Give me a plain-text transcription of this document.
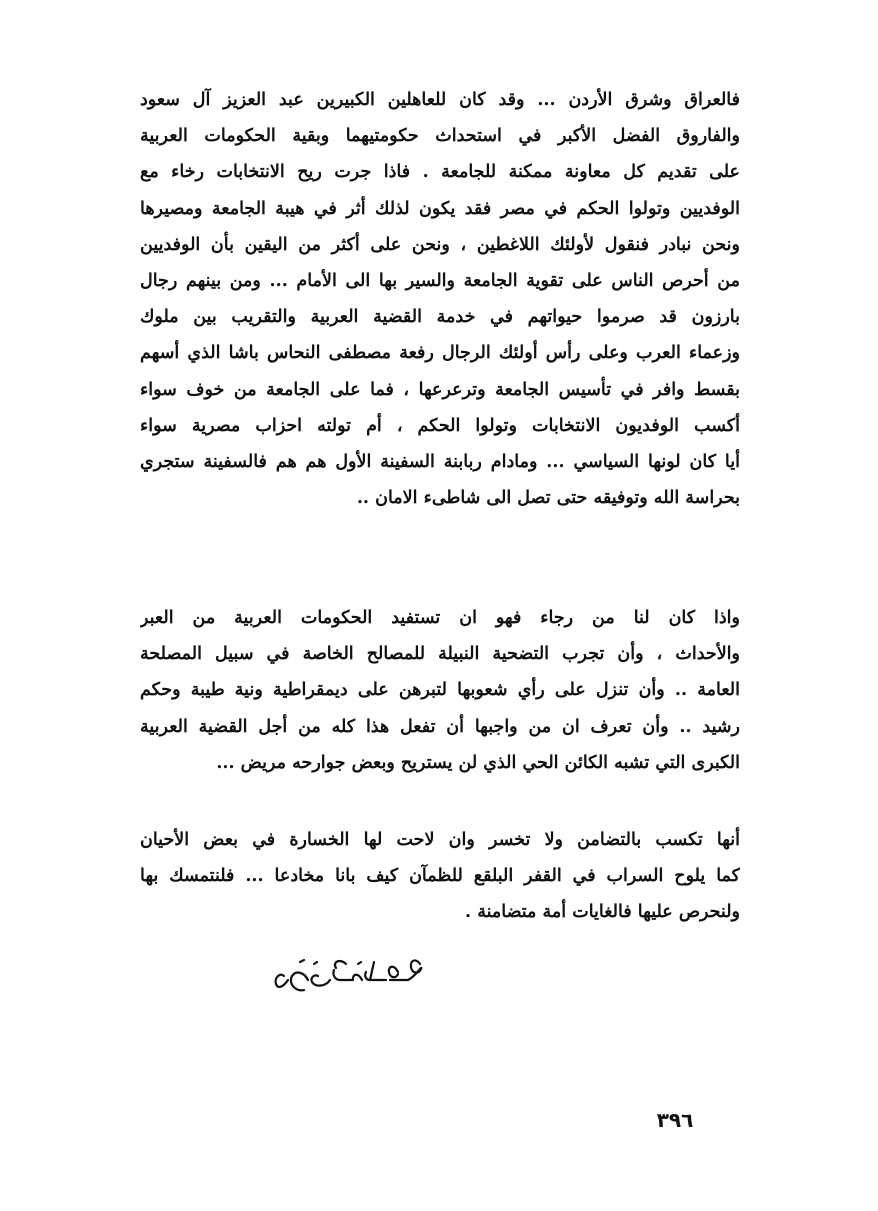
فالعراق وشرق الأردن ... وقد كان للعاهلين الكبيرين عبد العزيز آل سعود
والفاروق الفضل الأكبر في استحداث حكومتيهما وبقية الحكومات العربية
على تقديم كل معاونة ممكنة للجامعة . فاذا جرت ريح الانتخابات رخاء مع
الوفديين وتولوا الحكم في مصر فقد يكون لذلك أثر في هيبة الجامعة ومصيرها
ونحن نبادر فنقول لأولئك اللاغطين ، ونحن على أكثر من اليقين بأن الوفديين
من أحرص الناس على تقوية الجامعة والسير بها الى الأمام ... ومن بينهم رجال
بارزون قد صرموا حيواتهم في خدمة القضية العربية والتقريب بين ملوك
وزعماء العرب وعلى رأس أولئك الرجال رفعة مصطفى النحاس باشا الذي أسهم
بقسط وافر في تأسيس الجامعة وترعرعها ، فما على الجامعة من خوف سواء
أكسب الوفديون الانتخابات وتولوا الحكم ، أم تولته احزاب مصرية سواء
أيا كان لونها السياسي ... ومادام ربابنة السفينة الأول هم هم فالسفينة ستجري
بحراسة الله وتوفيقه حتى تصل الى شاطىء الامان ..
واذا كان لنا من رجاء فهو ان تستفيد الحكومات العربية من العبر
والأحداث ، وأن تجرب التضحية النبيلة للمصالح الخاصة في سبيل المصلحة
العامة .. وأن تنزل على رأي شعوبها لتبرهن على ديمقراطية ونية طيبة وحكم
رشيد .. وأن تعرف ان من واجبها أن تفعل هذا كله من أجل القضية العربية
الكبرى التي تشبه الكائن الحي الذي لن يستريح وبعض جوارحه مريض ...
أنها تكسب بالتضامن ولا تخسر وان لاحت لها الخسارة في بعض الأحيان
كما يلوح السراب في القفر البلقع للظمآن كيف بانا مخادعا ... فلنتمسك بها
ولنحرص عليها فالغايات أمة متضامنة .
٣٩٦
